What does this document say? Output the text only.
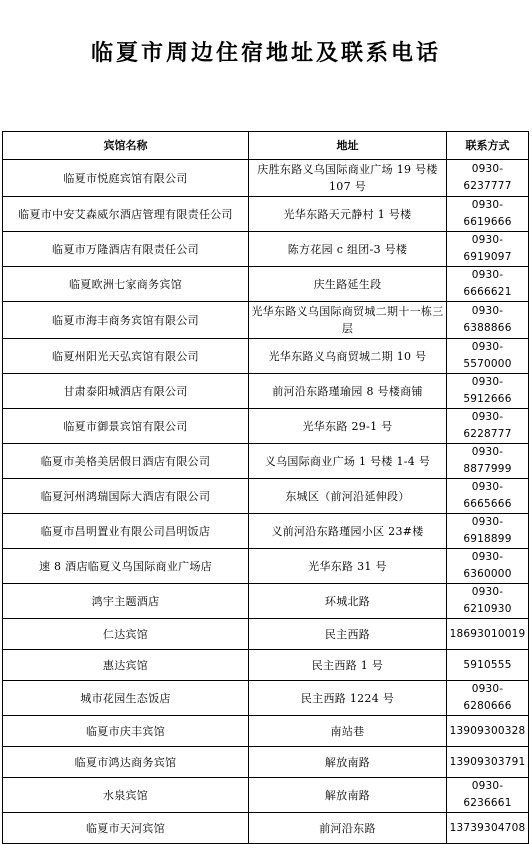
临夏市周边住宿地址及联系电话
宾馆名称	地址	联系方式
临夏市悦庭宾馆有限公司	庆胜东路义乌国际商业广场 19 号楼 107 号	0930-6237777
临夏市中安艾森威尔酒店管理有限责任公司	光华东路天元静村 1 号楼	0930-6619666
临夏市万隆酒店有限责任公司	陈方花园 c 组团-3 号楼	0930-6919097
临夏欧洲七家商务宾馆	庆生路延生段	0930-6666621
临夏市海丰商务宾馆有限公司	光华东路义乌国际商贸城二期十一栋三层	0930-6388866
临夏州阳光天弘宾馆有限公司	光华东路义乌商贸城二期 10 号	0930-5570000
甘肃泰阳城酒店有限公司	前河沿东路瑾瑜园 8 号楼商铺	0930-5912666
临夏市御景宾馆有限公司	光华东路 29-1 号	0930-6228777
临夏市美格美居假日酒店有限公司	义乌国际商业广场 1 号楼 1-4 号	0930-8877999
临夏河州鸿瑞国际大酒店有限公司	东城区（前河沿延伸段）	0930-6665666
临夏市昌明置业有限公司昌明饭店	义前河沿东路瑾园小区 23#楼	0930-6918899
速 8 酒店临夏义乌国际商业广场店	光华东路 31 号	0930-6360000
鸿宇主题酒店	环城北路	0930-6210930
仁达宾馆	民主西路	18693010019
惠达宾馆	民主西路 1 号	5910555
城市花园生态饭店	民主西路 1224 号	0930-6280666
临夏市庆丰宾馆	南站巷	13909300328
临夏市鸿达商务宾馆	解放南路	13909303791
水泉宾馆	解放南路	0930-6236661
临夏市天河宾馆	前河沿东路	13739304708
